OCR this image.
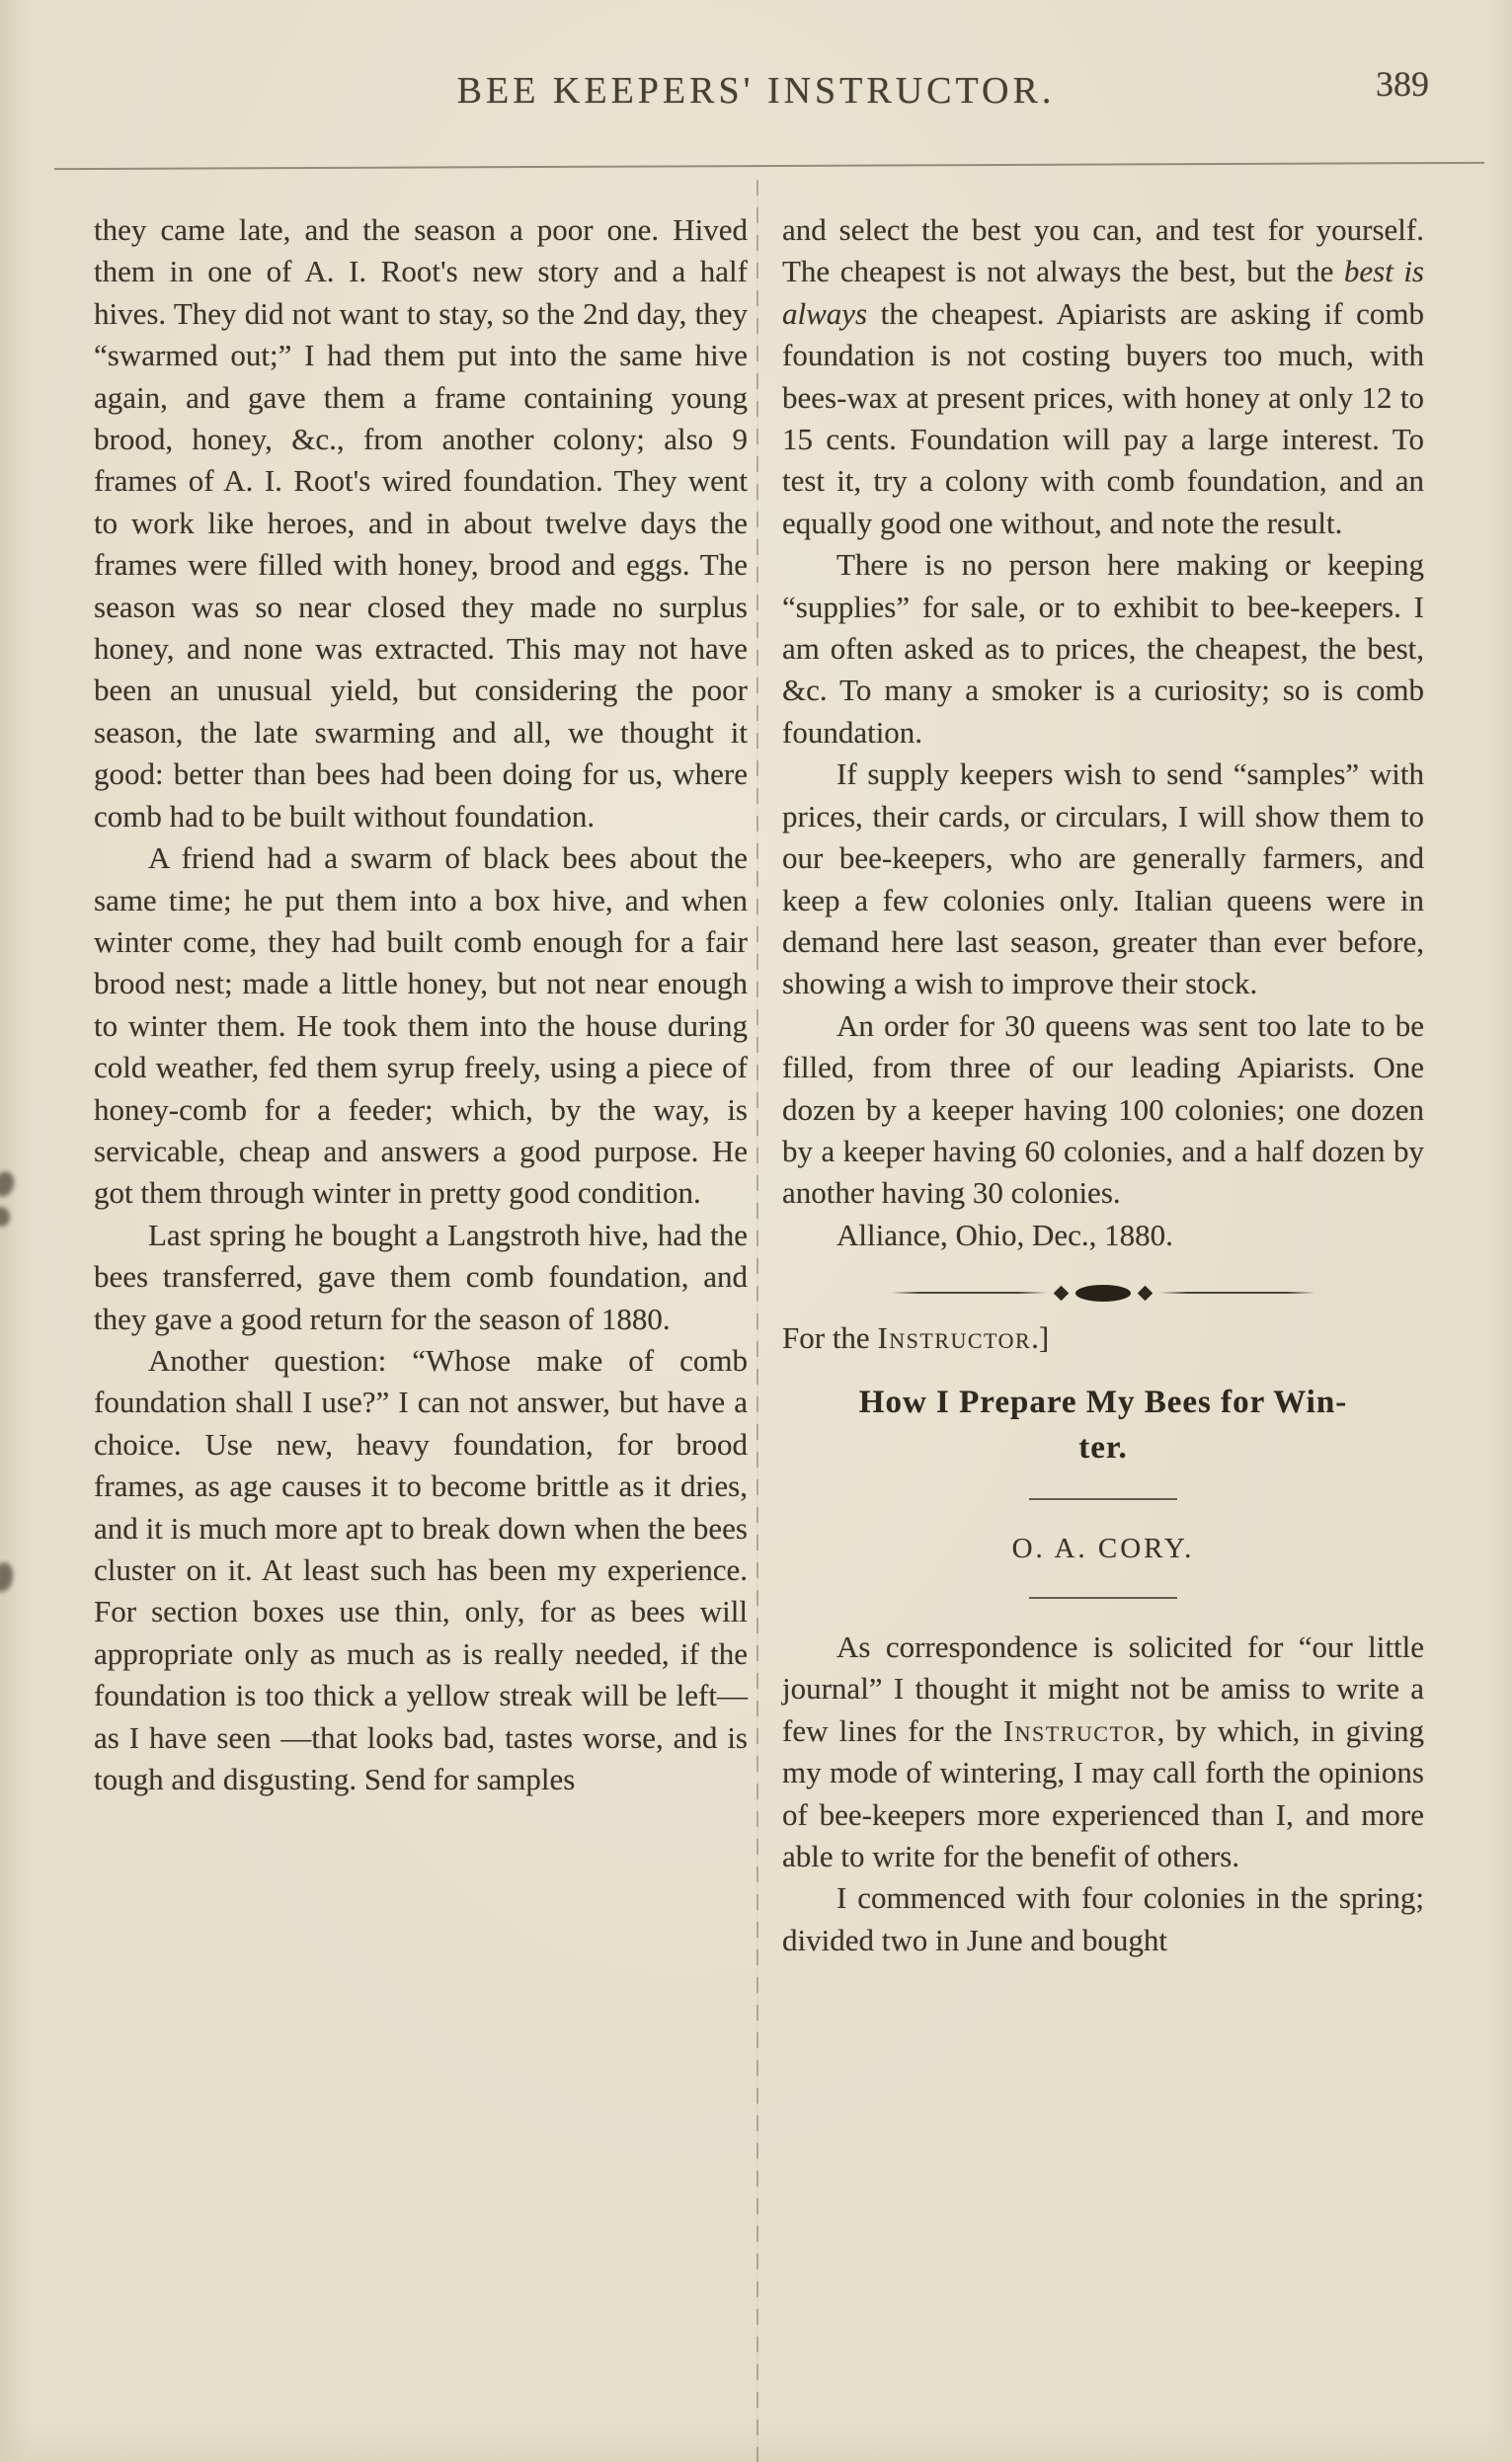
BEE KEEPERS' INSTRUCTOR.	389

they came late, and the season a poor one. Hived them in one of A. I. Root's new story and a half hives. They did not want to stay, so the 2nd day, they “swarmed out;” I had them put into the same hive again, and gave them a frame containing young brood, honey, &c., from another colony; also 9 frames of A. I. Root's wired foundation. They went to work like heroes, and in about twelve days the frames were filled with honey, brood and eggs. The season was so near closed they made no surplus honey, and none was extracted. This may not have been an unusual yield, but considering the poor season, the late swarming and all, we thought it good: better than bees had been doing for us, where comb had to be built without foundation.

A friend had a swarm of black bees about the same time; he put them into a box hive, and when winter come, they had built comb enough for a fair brood nest; made a little honey, but not near enough to winter them. He took them into the house during cold weather, fed them syrup freely, using a piece of honey-comb for a feeder; which, by the way, is servicable, cheap and answers a good purpose. He got them through winter in pretty good condition.

Last spring he bought a Langstroth hive, had the bees transferred, gave them comb foundation, and they gave a good return for the season of 1880.

Another question: “Whose make of comb foundation shall I use?” I can not answer, but have a choice. Use new, heavy foundation, for brood frames, as age causes it to become brittle as it dries, and it is much more apt to break down when the bees cluster on it. At least such has been my experience. For section boxes use thin, only, for as bees will appropriate only as much as is really needed, if the foundation is too thick a yellow streak will be left—as I have seen —that looks bad, tastes worse, and is tough and disgusting. Send for samples

and select the best you can, and test for yourself. The cheapest is not always the best, but the best is always the cheapest. Apiarists are asking if comb foundation is not costing buyers too much, with bees-wax at present prices, with honey at only 12 to 15 cents. Foundation will pay a large interest. To test it, try a colony with comb foundation, and an equally good one without, and note the result.

There is no person here making or keeping “supplies” for sale, or to exhibit to bee-keepers. I am often asked as to prices, the cheapest, the best, &c. To many a smoker is a curiosity; so is comb foundation.

If supply keepers wish to send “samples” with prices, their cards, or circulars, I will show them to our bee-keepers, who are generally farmers, and keep a few colonies only. Italian queens were in demand here last season, greater than ever before, showing a wish to improve their stock.

An order for 30 queens was sent too late to be filled, from three of our leading Apiarists. One dozen by a keeper having 100 colonies; one dozen by a keeper having 60 colonies, and a half dozen by another having 30 colonies.

Alliance, Ohio, Dec., 1880.

For the Instructor.]

How I Prepare My Bees for Win-
ter.

O. A. CORY.

As correspondence is solicited for “our little journal” I thought it might not be amiss to write a few lines for the Instructor, by which, in giving my mode of wintering, I may call forth the opinions of bee-keepers more experienced than I, and more able to write for the benefit of others.

I commenced with four colonies in the spring; divided two in June and bought
